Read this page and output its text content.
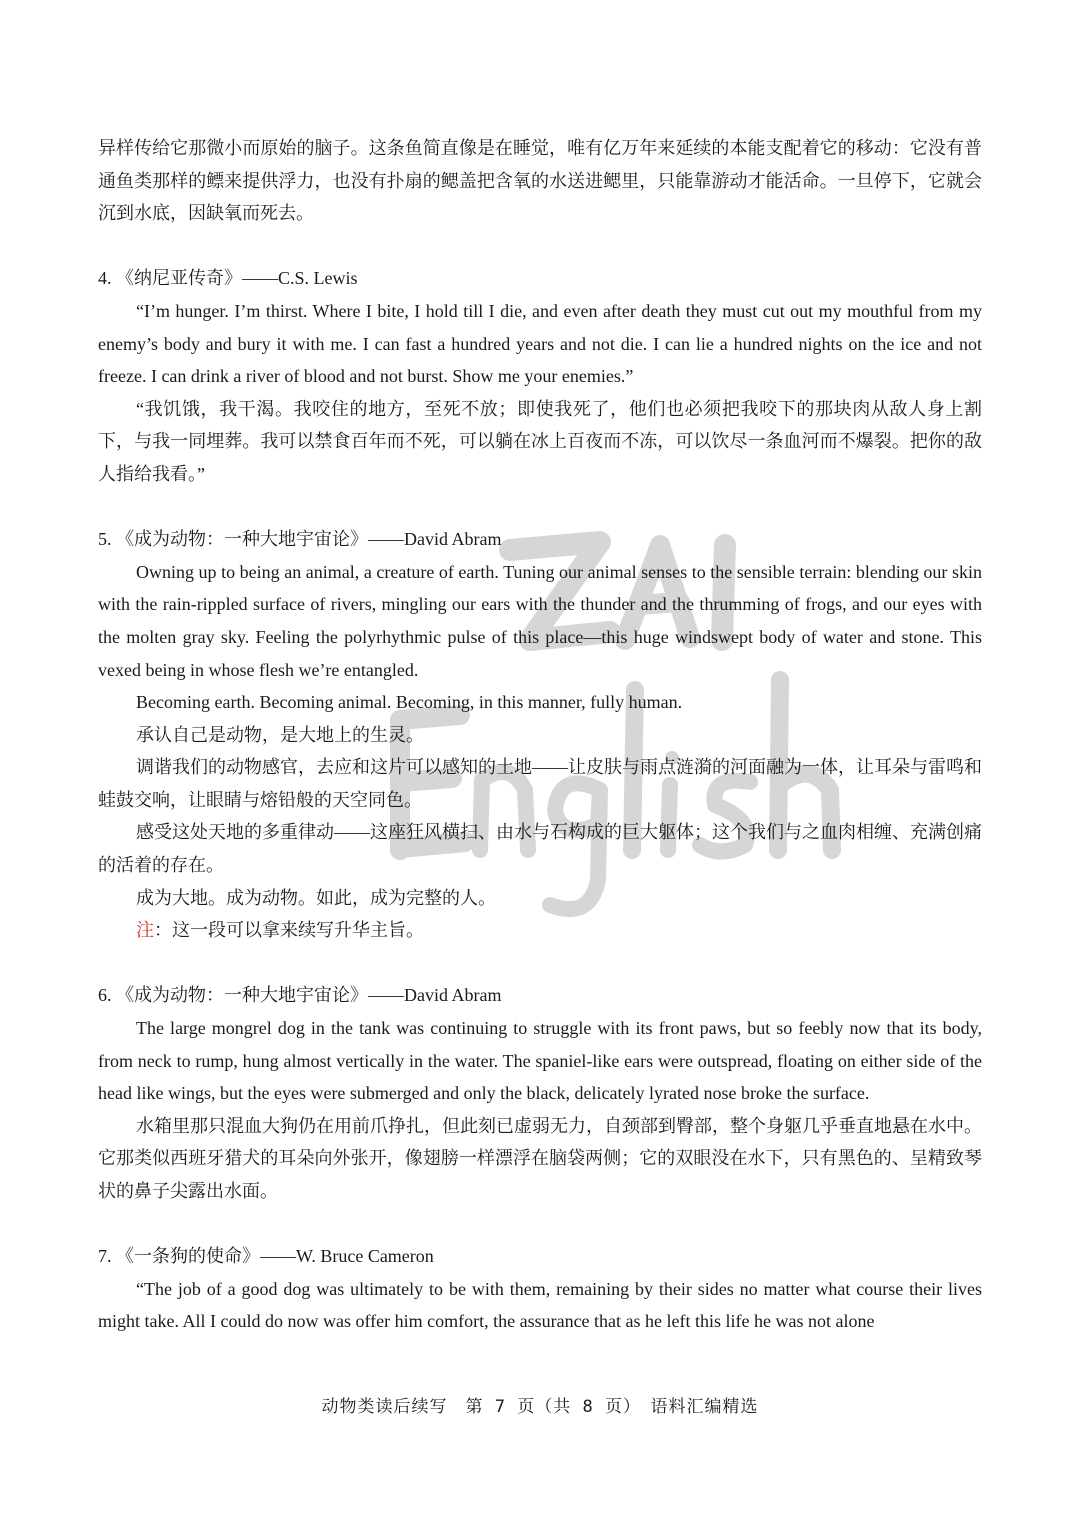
异样传给它那微小而原始的脑子。这条鱼简直像是在睡觉，唯有亿万年来延续的本能支配着它的移动：它没有普通鱼类那样的鳔来提供浮力，也没有扑扇的鳃盖把含氧的水送进鳃里，只能靠游动才能活命。一旦停下，它就会沉到水底，因缺氧而死去。

4. 《纳尼亚传奇》——C.S. Lewis

“I’m hunger. I’m thirst. Where I bite, I hold till I die, and even after death they must cut out my mouthful from my enemy’s body and bury it with me. I can fast a hundred years and not die. I can lie a hundred nights on the ice and not freeze. I can drink a river of blood and not burst. Show me your enemies.”

“我饥饿，我干渴。我咬住的地方，至死不放；即使我死了，他们也必须把我咬下的那块肉从敌人身上割下，与我一同埋葬。我可以禁食百年而不死，可以躺在冰上百夜而不冻，可以饮尽一条血河而不爆裂。把你的敌人指给我看。”

5. 《成为动物：一种大地宇宙论》——David Abram

Owning up to being an animal, a creature of earth. Tuning our animal senses to the sensible terrain: blending our skin with the rain-rippled surface of rivers, mingling our ears with the thunder and the thrumming of frogs, and our eyes with the molten gray sky. Feeling the polyrhythmic pulse of this place—this huge windswept body of water and stone. This vexed being in whose flesh we’re entangled.

Becoming earth. Becoming animal. Becoming, in this manner, fully human.

承认自己是动物，是大地上的生灵。

调谐我们的动物感官，去应和这片可以感知的土地——让皮肤与雨点涟漪的河面融为一体，让耳朵与雷鸣和蛙鼓交响，让眼睛与熔铅般的天空同色。

感受这处天地的多重律动——这座狂风横扫、由水与石构成的巨大躯体；这个我们与之血肉相缠、充满创痛的活着的存在。

成为大地。成为动物。如此，成为完整的人。

注：这一段可以拿来续写升华主旨。

6. 《成为动物：一种大地宇宙论》——David Abram

The large mongrel dog in the tank was continuing to struggle with its front paws, but so feebly now that its body, from neck to rump, hung almost vertically in the water. The spaniel-like ears were outspread, floating on either side of the head like wings, but the eyes were submerged and only the black, delicately lyrated nose broke the surface.

水箱里那只混血大狗仍在用前爪挣扎，但此刻已虚弱无力，自颈部到臀部，整个身躯几乎垂直地悬在水中。它那类似西班牙猎犬的耳朵向外张开，像翅膀一样漂浮在脑袋两侧；它的双眼没在水下，只有黑色的、呈精致琴状的鼻子尖露出水面。

7. 《一条狗的使命》——W. Bruce Cameron

“The job of a good dog was ultimately to be with them, remaining by their sides no matter what course their lives might take. All I could do now was offer him comfort, the assurance that as he left this life he was not alone

动物类读后续写　第 7 页（共 8 页）　语料汇编精选
